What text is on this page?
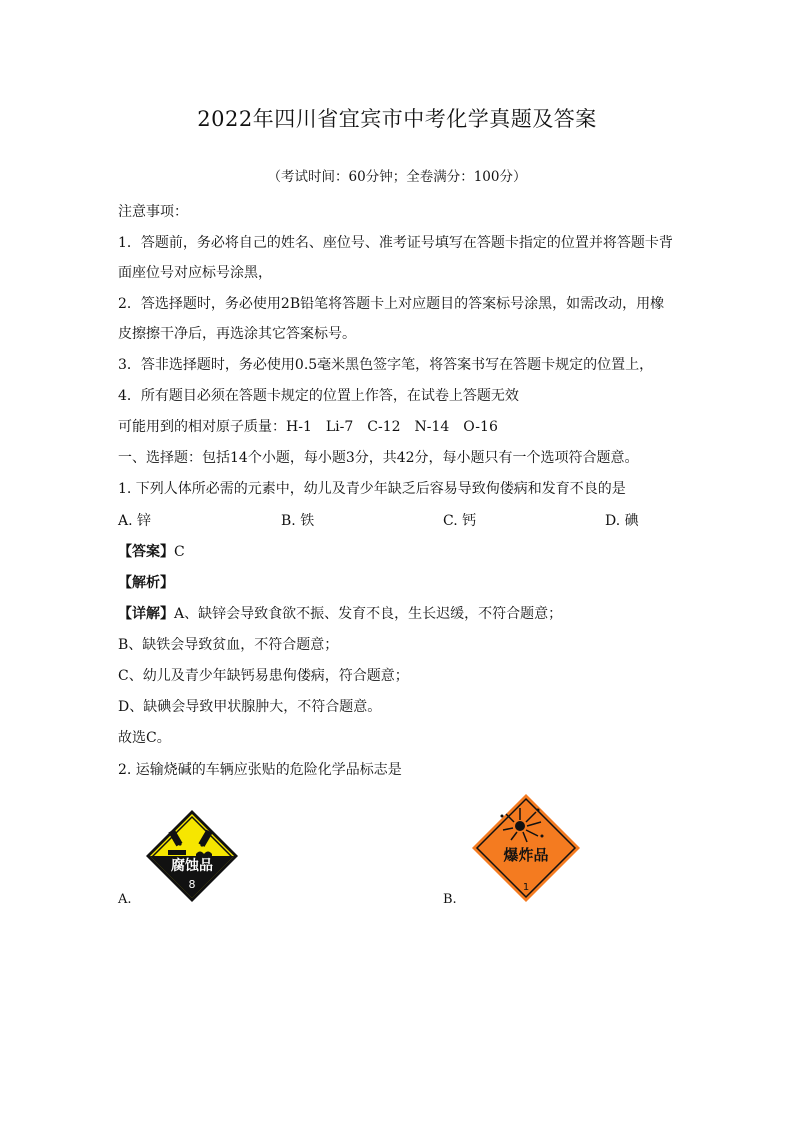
2022年四川省宜宾市中考化学真题及答案
（考试时间：60分钟；全卷满分：100分）
注意事项：
1．答题前，务必将自己的姓名、座位号、准考证号填写在答题卡指定的位置并将答题卡背
面座位号对应标号涂黑，
2．答选择题时，务必使用2B铅笔将答题卡上对应题目的答案标号涂黑，如需改动，用橡
皮擦擦干净后，再选涂其它答案标号。
3．答非选择题时，务必使用0.5毫米黑色签字笔，将答案书写在答题卡规定的位置上，
4．所有题目必须在答题卡规定的位置上作答，在试卷上答题无效
可能用到的相对原子质量：H-1　Li-7　C-12　N-14　O-16
一、选择题：包括14个小题，每小题3分，共42分，每小题只有一个选项符合题意。
1. 下列人体所必需的元素中，幼儿及青少年缺乏后容易导致佝偻病和发育不良的是
A. 锌	B. 铁	C. 钙	D. 碘
【答案】C
【解析】
【详解】A、缺锌会导致食欲不振、发育不良，生长迟缓，不符合题意；
B、缺铁会导致贫血，不符合题意；
C、幼儿及青少年缺钙易患佝偻病，符合题意；
D、缺碘会导致甲状腺肿大，不符合题意。
故选C。
2. 运输烧碱的车辆应张贴的危险化学品标志是
A.
腐蚀品
8
B.
爆炸品
1
